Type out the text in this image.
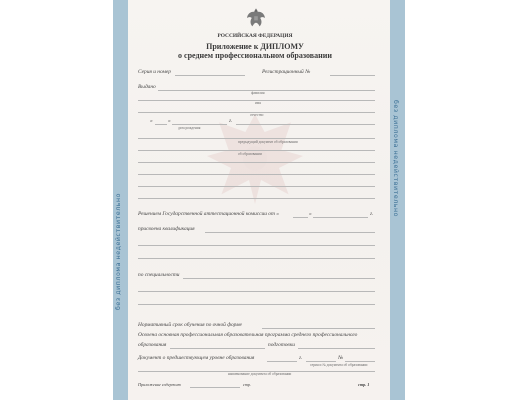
без диплома недействительно
без диплома недействительно
РОССИЙСКАЯ ФЕДЕРАЦИЯ
Приложение к ДИПЛОМУ
о среднем профессиональном образовании
Серия и номер	Регистрационный №
Выдано
фамилия
имя
отчество
«	»	г.
дата рождения
предыдущий документ об образовании
об образовании
Решением Государственной аттестационной комиссии от «	»	г.
присвоена квалификация
по специальности
Нормативный срок обучения по очной форме
Освоена основная профессиональная образовательная программа среднего профессионального
образования	подготовки
Документ о предшествующем уровне образования	г.	№
серия и № документа об образовании
наименование документа об образовании
Приложение содержит	стр.	стр. 1
